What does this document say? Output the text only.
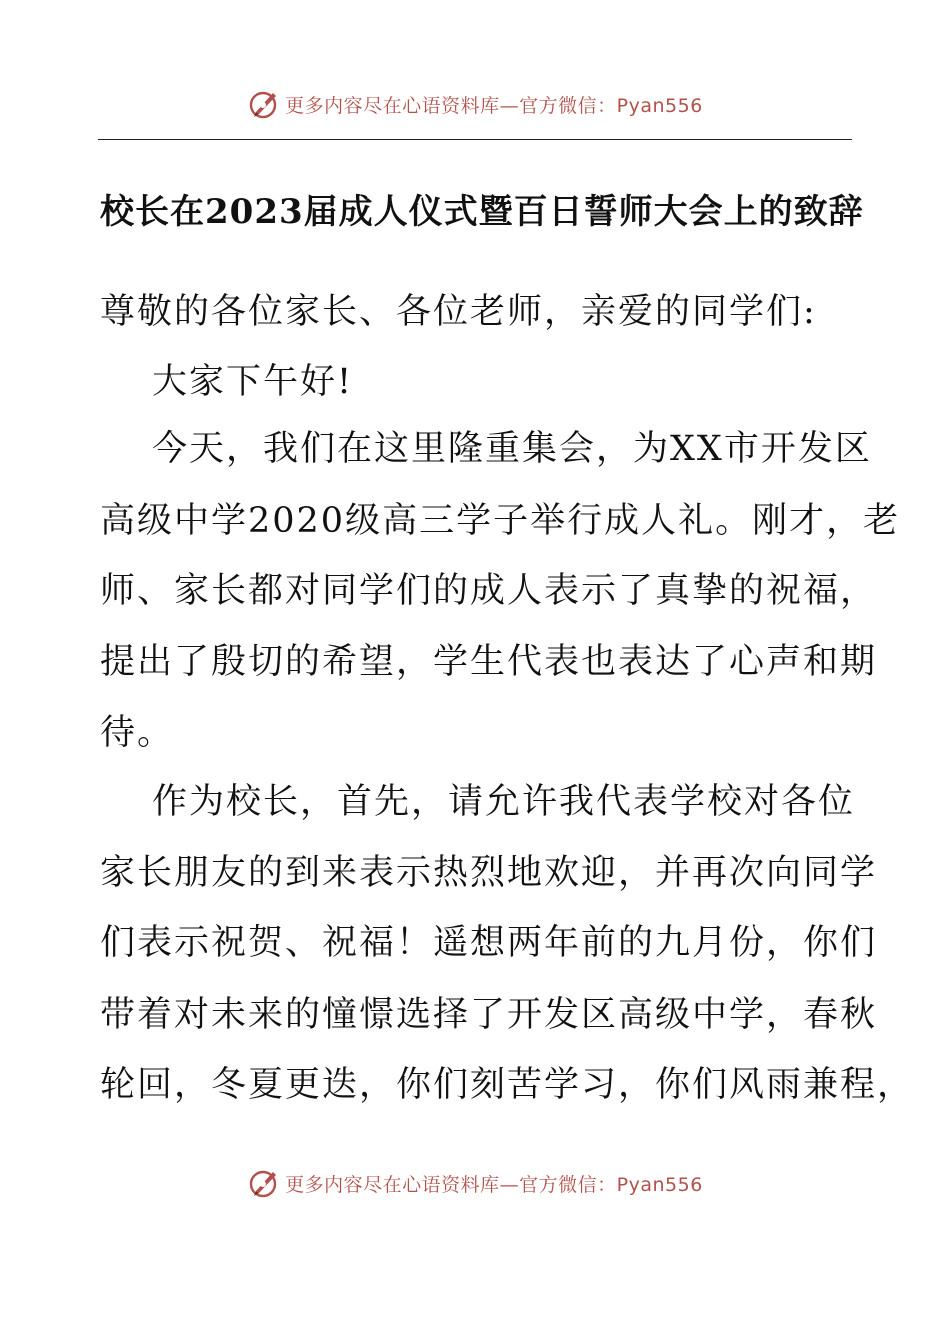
更多内容尽在心语资料库—官方微信：Pyan556
校长在2023届成人仪式暨百日誓师大会上的致辞
尊敬的各位家长、各位老师，亲爱的同学们:
大家下午好!
今天，我们在这里隆重集会，为XX市开发区
高级中学2020级高三学子举行成人礼。刚才，老
师、家长都对同学们的成人表示了真挚的祝福，
提出了殷切的希望，学生代表也表达了心声和期
待。
作为校长，首先，请允许我代表学校对各位
家长朋友的到来表示热烈地欢迎，并再次向同学
们表示祝贺、祝福！遥想两年前的九月份，你们
带着对未来的憧憬选择了开发区高级中学，春秋
轮回，冬夏更迭，你们刻苦学习，你们风雨兼程，
更多内容尽在心语资料库—官方微信：Pyan556
